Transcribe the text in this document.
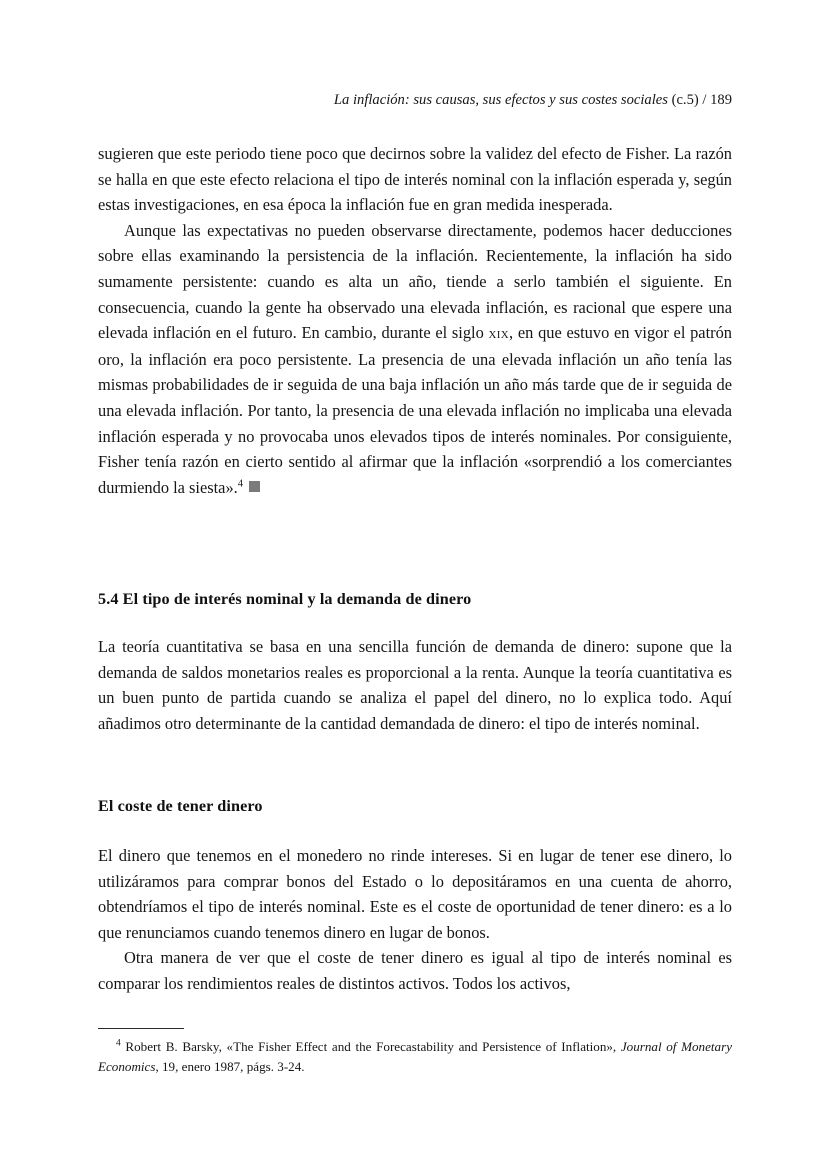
La inflación: sus causas, sus efectos y sus costes sociales (c.5) / 189

sugieren que este periodo tiene poco que decirnos sobre la validez del efecto de Fisher. La razón se halla en que este efecto relaciona el tipo de interés nominal con la inflación esperada y, según estas investigaciones, en esa época la inflación fue en gran medida inesperada.

Aunque las expectativas no pueden observarse directamente, podemos hacer deducciones sobre ellas examinando la persistencia de la inflación. Recientemente, la inflación ha sido sumamente persistente: cuando es alta un año, tiende a serlo también el siguiente. En consecuencia, cuando la gente ha observado una elevada inflación, es racional que espere una elevada inflación en el futuro. En cambio, durante el siglo xix, en que estuvo en vigor el patrón oro, la inflación era poco persistente. La presencia de una elevada inflación un año tenía las mismas probabilidades de ir seguida de una baja inflación un año más tarde que de ir seguida de una elevada inflación. Por tanto, la presencia de una elevada inflación no implicaba una elevada inflación esperada y no provocaba unos elevados tipos de interés nominales. Por consiguiente, Fisher tenía razón en cierto sentido al afirmar que la inflación «sorprendió a los comerciantes durmiendo la siesta».$^4$

5.4 El tipo de interés nominal y la demanda de dinero

La teoría cuantitativa se basa en una sencilla función de demanda de dinero: supone que la demanda de saldos monetarios reales es proporcional a la renta. Aunque la teoría cuantitativa es un buen punto de partida cuando se analiza el papel del dinero, no lo explica todo. Aquí añadimos otro determinante de la cantidad demandada de dinero: el tipo de interés nominal.

El coste de tener dinero

El dinero que tenemos en el monedero no rinde intereses. Si en lugar de tener ese dinero, lo utilizáramos para comprar bonos del Estado o lo depositáramos en una cuenta de ahorro, obtendríamos el tipo de interés nominal. Este es el coste de oportunidad de tener dinero: es a lo que renunciamos cuando tenemos dinero en lugar de bonos.

Otra manera de ver que el coste de tener dinero es igual al tipo de interés nominal es comparar los rendimientos reales de distintos activos. Todos los activos,

$^4$ Robert B. Barsky, «The Fisher Effect and the Forecastability and Persistence of Inflation», Journal of Monetary Economics, 19, enero 1987, págs. 3-24.
